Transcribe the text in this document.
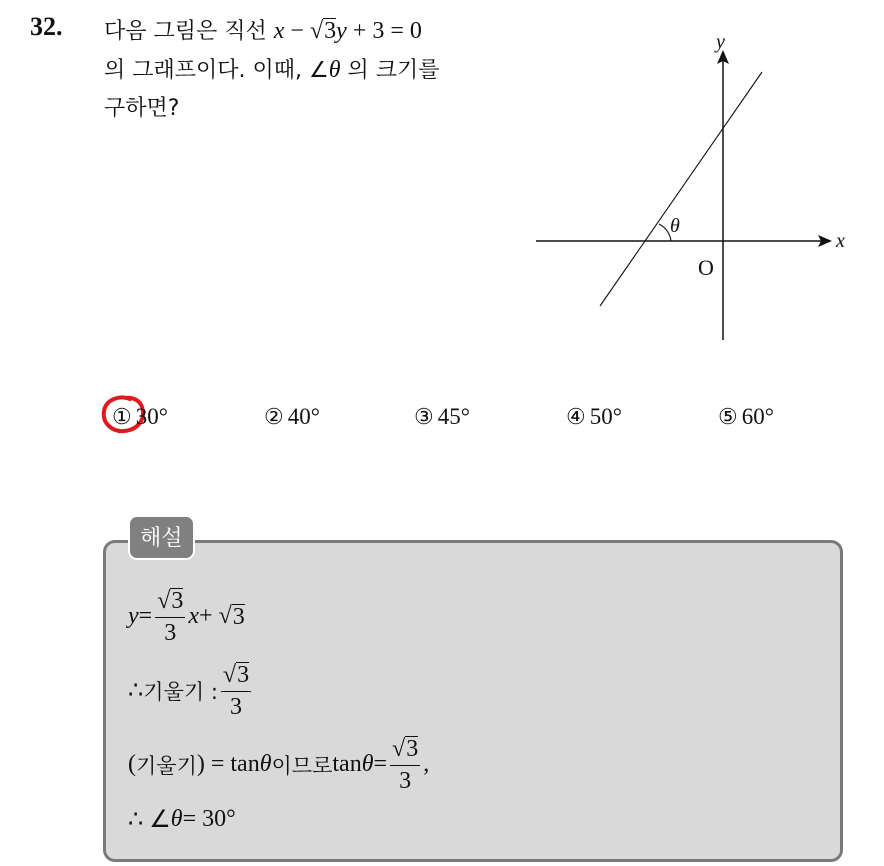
32. 다음 그림은 직선 x − √3y + 3 = 0
의 그래프이다. 이때, ∠θ 의 크기를
구하면?
x
y
O
θ
① 30°	② 40°	③ 45°	④ 50°	⑤ 60°
$y = \frac{√3}{3}$ x + √ 3
∴ 기울기 : $\frac{√3}{3}$
( 기울기 ) = tan θ 이므로 $\tan \theta = \frac{√3}{3}$ ,
∴ ∠ θ = 30°
해설
